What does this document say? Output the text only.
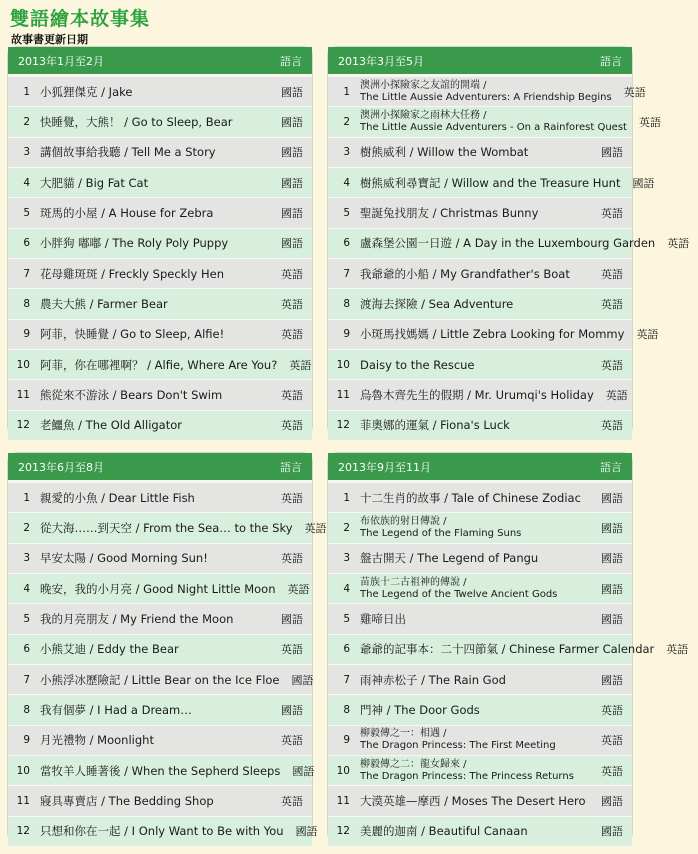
雙語繪本故事集
故事書更新日期
2013年1月至2月	語言
1 小狐狸傑克 / Jake	國語
2 快睡覺，大熊！ / Go to Sleep, Bear	國語
3 講個故事給我聽 / Tell Me a Story	國語
4 大肥貓 / Big Fat Cat	國語
5 斑馬的小屋 / A House for Zebra	國語
6 小胖狗 嘟嘟 / The Roly Poly Puppy	國語
7 花母雞斑斑 / Freckly Speckly Hen	英語
8 農夫大熊 / Farmer Bear	英語
9 阿菲，快睡覺 / Go to Sleep, Alfie!	英語
10 阿菲，你在哪裡啊？ / Alfie, Where Are You?	英語
11 熊從來不游泳 / Bears Don't Swim	英語
12 老鱷魚 / The Old Alligator	英語
2013年3月至5月	語言
1
澳洲小探險家之友誼的開端 /
The Little Aussie Adventurers: A Friendship Begins	英語
2
澳洲小探險家之雨林大任務 /
The Little Aussie Adventurers - On a Rainforest Quest	英語
3 樹熊威利 / Willow the Wombat	國語
4 樹熊威利尋寶記 / Willow and the Treasure Hunt	國語
5 聖誕兔找朋友 / Christmas Bunny	英語
6 盧森堡公園一日遊 / A Day in the Luxembourg Garden	英語
7 我爺爺的小船 / My Grandfather's Boat	英語
8 渡海去探險 / Sea Adventure	英語
9 小斑馬找媽媽 / Little Zebra Looking for Mommy	英語
10 Daisy to the Rescue	英語
11 烏魯木齊先生的假期 / Mr. Urumqi's Holiday	英語
12 菲奧娜的運氣 / Fiona's Luck	英語
2013年6月至8月	語言
1 親愛的小魚 / Dear Little Fish	英語
2 從大海……到天空 / From the Sea… to the Sky	英語
3 早安太陽 / Good Morning Sun!	英語
4 晚安，我的小月亮 / Good Night Little Moon	英語
5 我的月亮朋友 / My Friend the Moon	國語
6 小熊艾迪 / Eddy the Bear	英語
7 小熊浮冰歷險記 / Little Bear on the Ice Floe	國語
8 我有個夢 / I Had a Dream…	國語
9 月光禮物 / Moonlight	英語
10 當牧羊人睡著後 / When the Sepherd Sleeps	國語
11 寢具專賣店 / The Bedding Shop	英語
12 只想和你在一起 / I Only Want to Be with You	國語
2013年9月至11月	語言
1 十二生肖的故事 / Tale of Chinese Zodiac	國語
2
布依族的射日傳說 /
The Legend of the Flaming Suns	國語
3 盤古開天 / The Legend of Pangu	國語
4
苗族十二古祖神的傳說 /
The Legend of the Twelve Ancient Gods	國語
5 雞啼日出	國語
6 爺爺的記事本：二十四節氣 / Chinese Farmer Calendar	英語
7 雨神赤松子 / The Rain God	國語
8 門神 / The Door Gods	英語
9
柳毅傳之一：相遇 /
The Dragon Princess: The First Meeting	英語
10
柳毅傳之二：龍女歸來 /
The Dragon Princess: The Princess Returns	英語
11 大漠英雄—摩西 / Moses The Desert Hero	國語
12 美麗的迦南 / Beautiful Canaan	國語
